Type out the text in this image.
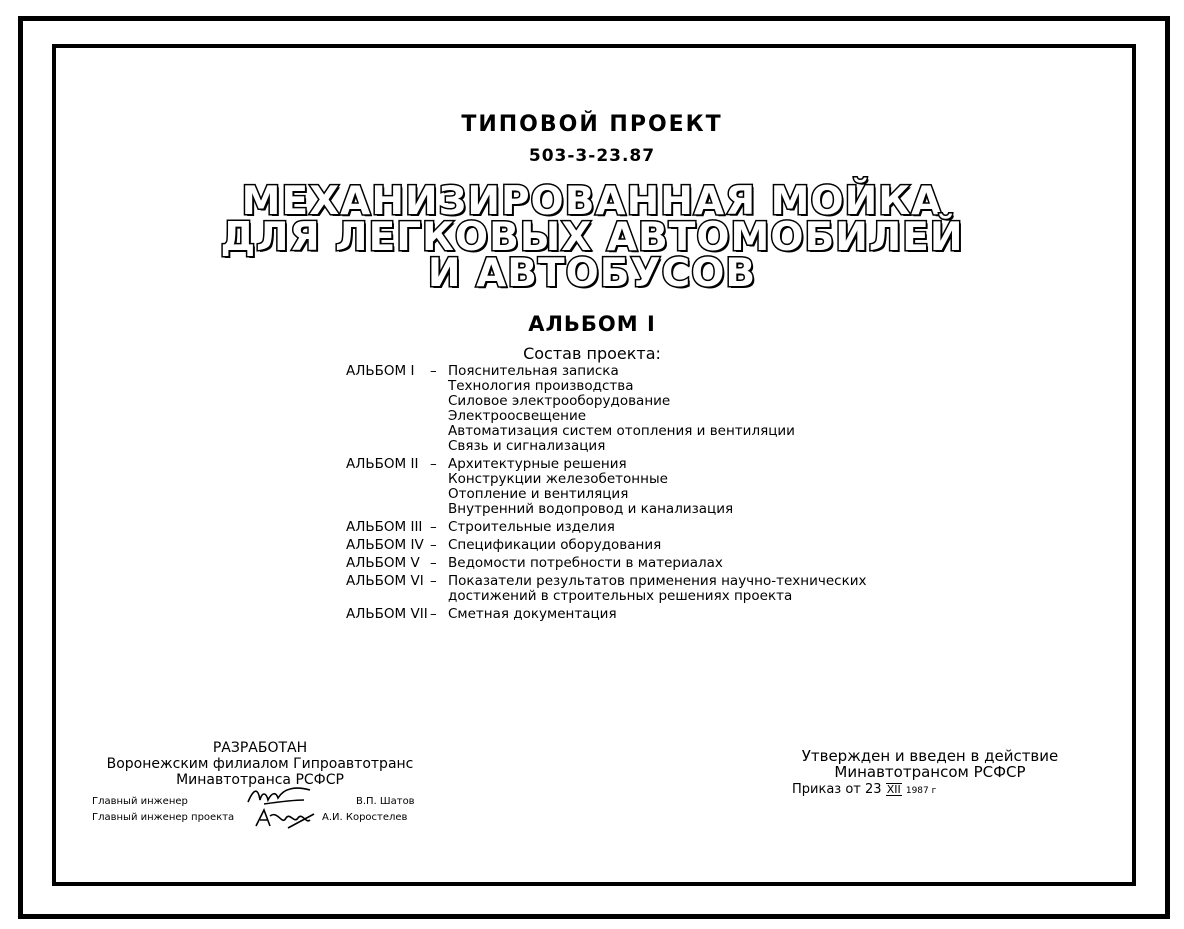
ТИПОВОЙ ПРОЕКТ
503-3-23.87
МЕХАНИЗИРОВАННАЯ МОЙКА
ДЛЯ ЛЕГКОВЫХ АВТОМОБИЛЕЙ
И АВТОБУСОВ
АЛЬБОМ I
Состав проекта:
АЛЬБОМ I	– Пояснительная записка
Технология производства
Силовое электрооборудование
Электроосвещение
Автоматизация систем отопления и вентиляции
Связь и сигнализация
АЛЬБОМ II – Архитектурные решения
Конструкции железобетонные
Отопление и вентиляция
Внутренний водопровод и канализация
АЛЬБОМ III – Строительные изделия
АЛЬБОМ IV – Спецификации оборудования
АЛЬБОМ V – Ведомости потребности в материалах
АЛЬБОМ VI – Показатели результатов применения научно-технических
достижений в строительных решениях проекта
АЛЬБОМ VII – Сметная документация
РАЗРАБОТАН
Воронежским филиалом Гипроавтотранс
Минавтотранса РСФСР
Главный инженер	В.П. Шатов
Главный инженер проекта	А.И. Коростелев
Утвержден и введен в действие
Минавтотрансом РСФСР
Приказ от 23 XII 1987 г
